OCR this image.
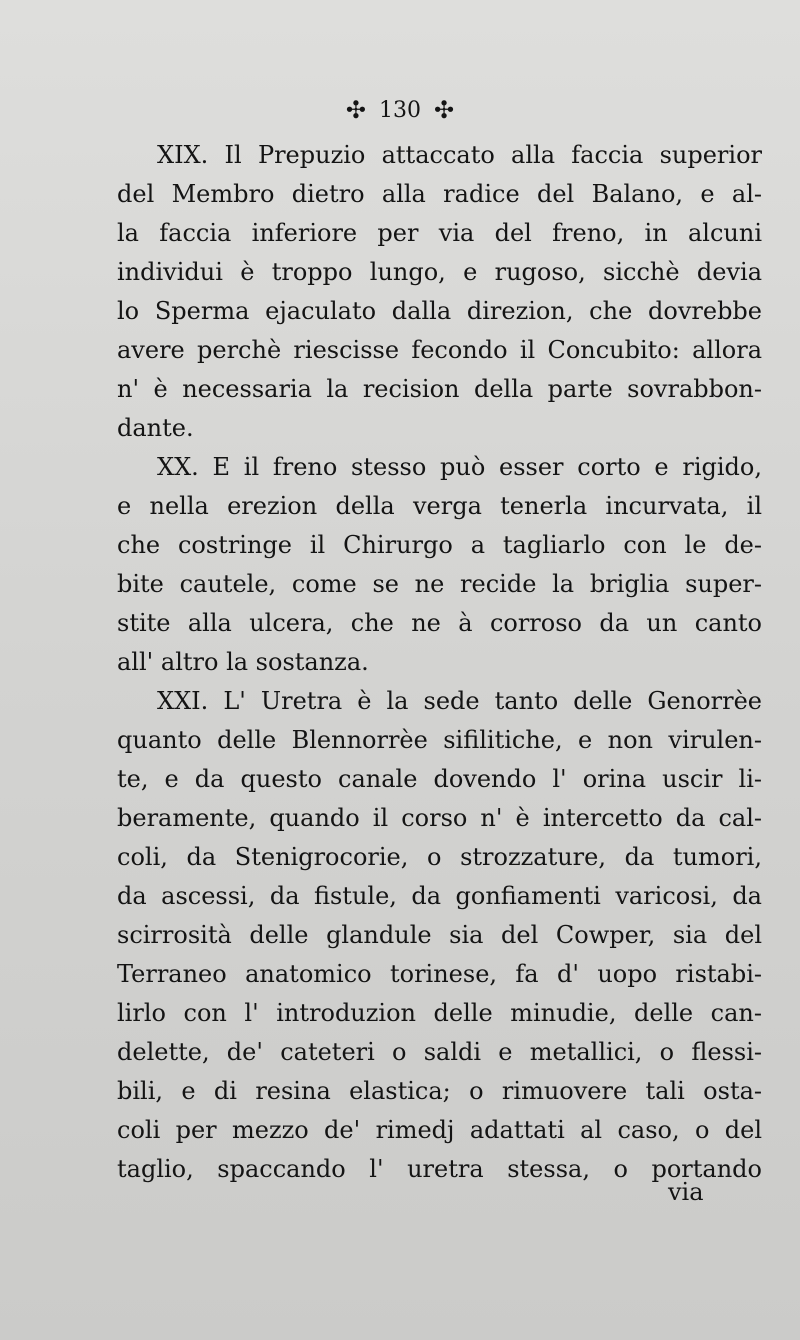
✣ 130 ✣
XIX. Il Prepuzio attaccato alla faccia superior
del Membro dietro alla radice del Balano, e al-
la faccia inferiore per via del freno, in alcuni
individui è troppo lungo, e rugoso, sicchè devia
lo Sperma ejaculato dalla direzion, che dovrebbe
avere perchè riescisse fecondo il Concubito: allora
n' è necessaria la recision della parte sovrabbon-
dante.
XX. E il freno stesso può esser corto e rigido,
e nella erezion della verga tenerla incurvata, il
che costringe il Chirurgo a tagliarlo con le de-
bite cautele, come se ne recide la briglia super-
stite alla ulcera, che ne à corroso da un canto
all' altro la sostanza.
XXI. L' Uretra è la sede tanto delle Genorrèe
quanto delle Blennorrèe sifilitiche, e non virulen-
te, e da questo canale dovendo l' orina uscir li-
beramente, quando il corso n' è intercetto da cal-
coli, da Stenigrocorie, o strozzature, da tumori,
da ascessi, da fistule, da gonfiamenti varicosi, da
scirrosità delle glandule sia del Cowper, sia del
Terraneo anatomico torinese, fa d' uopo ristabi-
lirlo con l' introduzion delle minudie, delle can-
delette, de' cateteri o saldi e metallici, o flessi-
bili, e di resina elastica; o rimuovere tali osta-
coli per mezzo de' rimedj adattati al caso, o del
taglio, spaccando l' uretra stessa, o portando
via
